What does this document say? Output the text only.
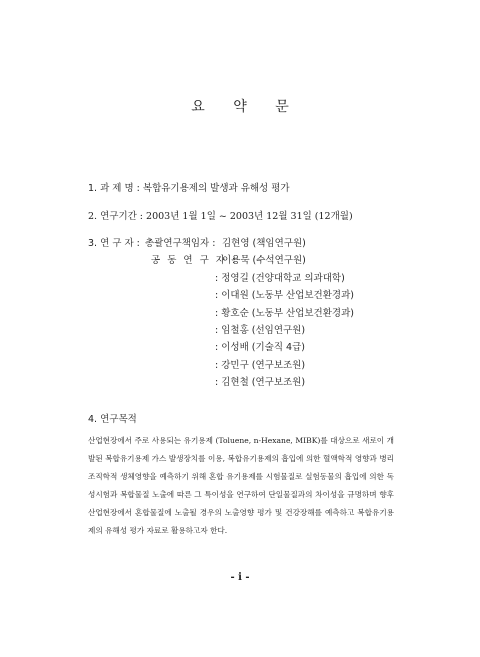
요 약 문
1. 과 제 명 : 복합유기용제의 발생과 유해성 평가
2. 연구기간 : 2003년 1월 1일 ~ 2003년 12월 31일 (12개월)
3. 연 구 자 : 총괄연구책임자 :
공 동 연 구 자 :
김현영 (책임연구원)
이용묵 (수석연구원)
: 정영길 (건양대학교 의과대학)
: 이대원 (노동부 산업보건환경과)
: 황호순 (노동부 산업보건환경과)
: 임철홍 (선임연구원)
: 이성배 (기술직 4급)
: 강민구 (연구보조원)
: 김현철 (연구보조원)
4. 연구목적
산업현장에서 주로 사용되는 유기용제 (Toluene, n-Hexane, MIBK)를 대상으로 새로이 개발된 복합유기용제 가스 발생장치를 이용, 복합유기용제의 흡입에 의한 혈액학적 영향과 병리조직학적 생체영향을 예측하기 위해 혼합 유기용제를 시험물질로 실험동물의 흡입에 의한 독성시험과 복합물질 노출에 따른 그 특이성을 연구하여 단일물질과의 차이성을 규명하며 향후 산업현장에서 혼합물질에 노출될 경우의 노출영향 평가 및 건강장해를 예측하고 복합유기용제의 유해성 평가 자료로 활용하고자 한다.
- i -
